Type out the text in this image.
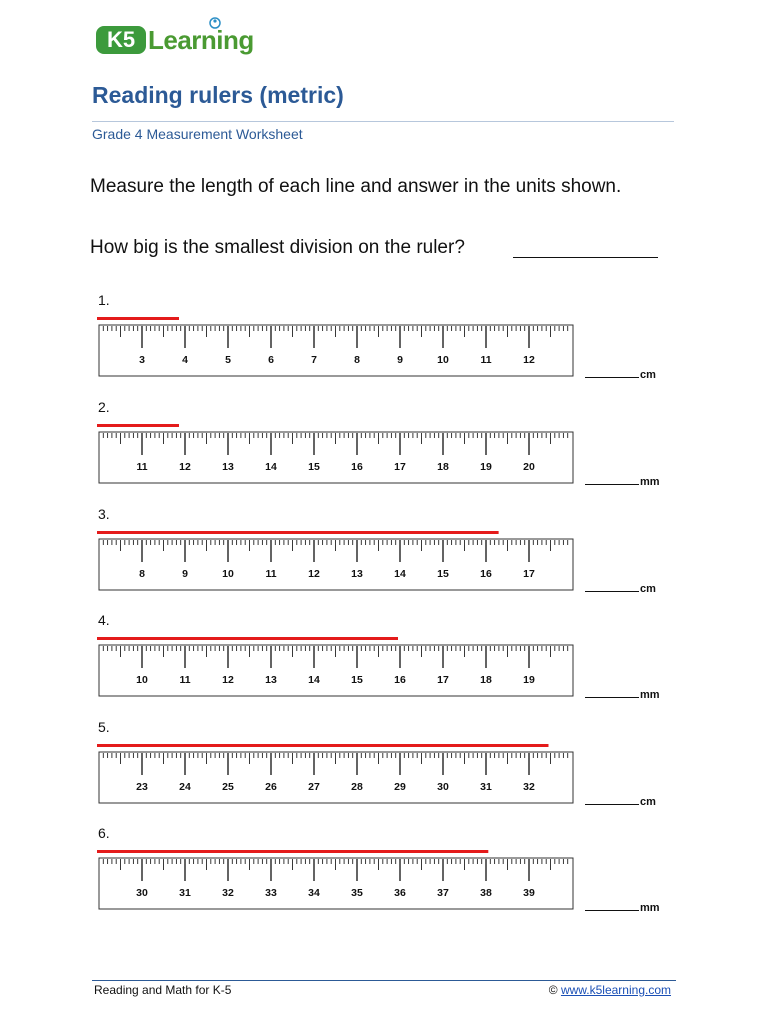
K5 Learning
Reading rulers (metric)
Grade 4 Measurement Worksheet
Measure the length of each line and answer in the units shown.
How big is the smallest division on the ruler?
1.
3	4	5	6	7	8	9	10	11	12
cm
2.
11	12	13	14	15	16	17	18	19	20
mm
3.
8	9	10	11	12	13	14	15	16	17
cm
4.
10	11	12	13	14	15	16	17	18	19
mm
5.
23	24	25	26	27	28	29	30	31	32
cm
6.
30	31	32	33	34	35	36	37	38	39
mm
Reading and Math for K-5	© www.k5learning.com
